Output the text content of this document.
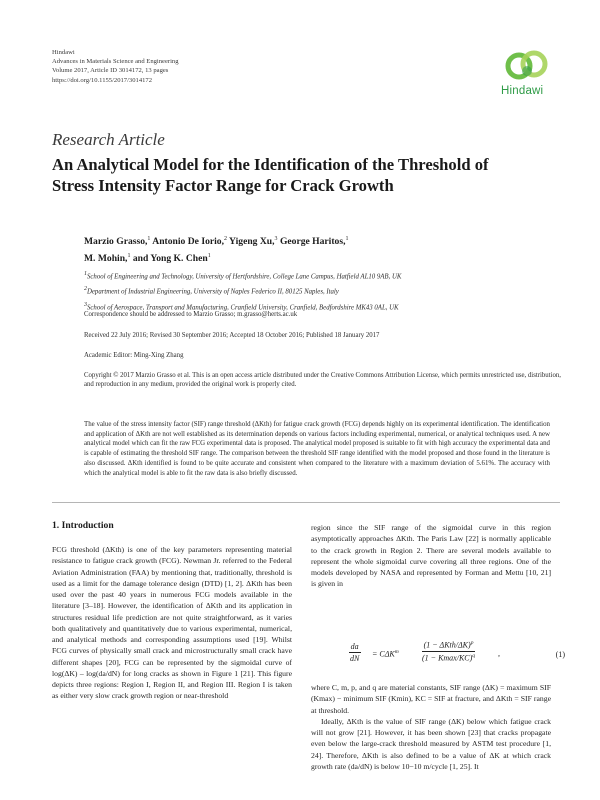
Hindawi
Advances in Materials Science and Engineering
Volume 2017, Article ID 3014172, 13 pages
https://doi.org/10.1155/2017/3014172
Hindawi
Research Article
An Analytical Model for the Identification of the Threshold of
Stress Intensity Factor Range for Crack Growth
Marzio Grasso,$^1$ Antonio De Iorio,$^2$ Yigeng Xu,$^3$ George Haritos,$^1$
M. Mohin,$^1$ and Yong K. Chen$^1$
$^1$School of Engineering and Technology, University of Hertfordshire, College Lane Campus, Hatfield AL10 9AB, UK
$^2$Department of Industrial Engineering, University of Naples Federico II, 80125 Naples, Italy
$^3$School of Aerospace, Transport and Manufacturing, Cranfield University, Cranfield, Bedfordshire MK43 0AL, UK
Correspondence should be addressed to Marzio Grasso; m.grasso@herts.ac.uk
Received 22 July 2016; Revised 30 September 2016; Accepted 18 October 2016; Published 18 January 2017
Academic Editor: Ming-Xing Zhang
Copyright © 2017 Marzio Grasso et al. This is an open access article distributed under the Creative Commons Attribution License, which permits unrestricted use, distribution, and reproduction in any medium, provided the original work is properly cited.
The value of the stress intensity factor (SIF) range threshold (ΔKth) for fatigue crack growth (FCG) depends highly on its experimental identification. The identification and application of ΔKth are not well established as its determination depends on various factors including experimental, numerical, or analytical techniques used. A new analytical model which can fit the raw FCG experimental data is proposed. The analytical model proposed is suitable to fit with high accuracy the experimental data and is capable of estimating the threshold SIF range. The comparison between the threshold SIF range identified with the model proposed and those found in the literature is also discussed. ΔKth identified is found to be quite accurate and consistent when compared to the literature with a maximum deviation of 5.61%. The accuracy with which the analytical model is able to fit the raw data is also briefly discussed.
1. Introduction

FCG threshold (ΔKth) is one of the key parameters representing material resistance to fatigue crack growth (FCG). Newman Jr. referred to the Federal Aviation Administration (FAA) by mentioning that, traditionally, threshold is used as a limit for the damage tolerance design (DTD) [1, 2]. ΔKth has been used over the past 40 years in numerous FCG models available in the literature [3–18]. However, the identification of ΔKth and its application in structures residual life prediction are not quite straightforward, as it varies both qualitatively and quantitatively due to various experimental, numerical, and analytical methods and corresponding assumptions used [19]. Whilst FCG curves of physically small crack and microstructurally small crack have different shapes [20], FCG can be represented by the sigmoidal curve of log(ΔK) – log(da/dN) for long cracks as shown in Figure 1 [21]. This figure depicts three regions: Region I, Region II, and Region III. Region I is taken as either very slow crack growth region or near-threshold

region since the SIF range of the sigmoidal curve in this region asymptotically approaches ΔKth. The Paris Law [22] is normally applicable to the crack growth in Region 2. There are several models available to represent the whole sigmoidal curve covering all three regions. One of the models developed by NASA and represented by Forman and Mettu [10, 21] is given in

$\frac{da}{dN} = C\Delta K^m$
(1 − ΔKth/$\Delta K)^p$
(1 − Kmax/$KC)^q$	,	(1)

where C, m, p, and q are material constants, SIF range (ΔK) = maximum SIF (Kmax) − minimum SIF (Kmin), KC = SIF at fracture, and ΔKth = SIF range at threshold.

Ideally, ΔKth is the value of SIF range (ΔK) below which fatigue crack will not grow [21]. However, it has been shown [23] that cracks propagate even below the large-crack threshold measured by ASTM test procedure [1, 24]. Therefore, ΔKth is also defined to be a value of ΔK at which crack growth rate (da/dN) is below 10−10 m/cycle [1, 25]. It
